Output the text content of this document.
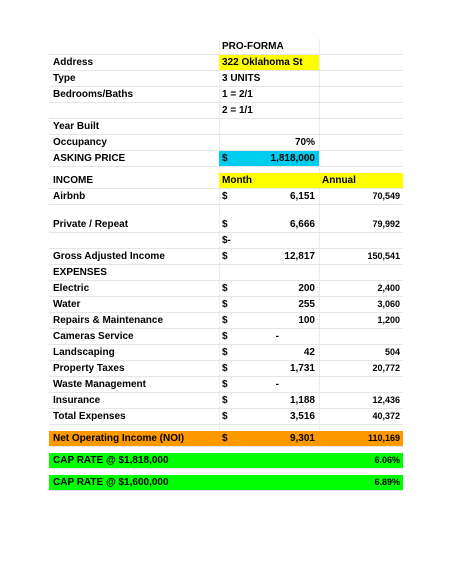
PRO-FORMA
Address	322 Oklahoma St
Type	3 UNITS
Bedrooms/Baths	1 = 2/1
2 = 1/1
Year Built
Occupancy	70%
ASKING PRICE	$	1,818,000
INCOME	Month	Annual
Airbnb	$	6,151	70,549
Private / Repeat	$	6,666	79,992
$-
Gross Adjusted Income	$	12,817	150,541
EXPENSES
Electric	$	200	2,400
Water	$	255	3,060
Repairs & Maintenance	$	100	1,200
Cameras Service	$	-
Landscaping	$	42	504
Property Taxes	$	1,731	20,772
Waste Management	$	-
Insurance	$	1,188	12,436
Total Expenses	$	3,516	40,372
Net Operating Income (NOI)	$	9,301	110,169
CAP RATE @ $1,818,000	6.06%
CAP RATE @ $1,600,000	6.89%
